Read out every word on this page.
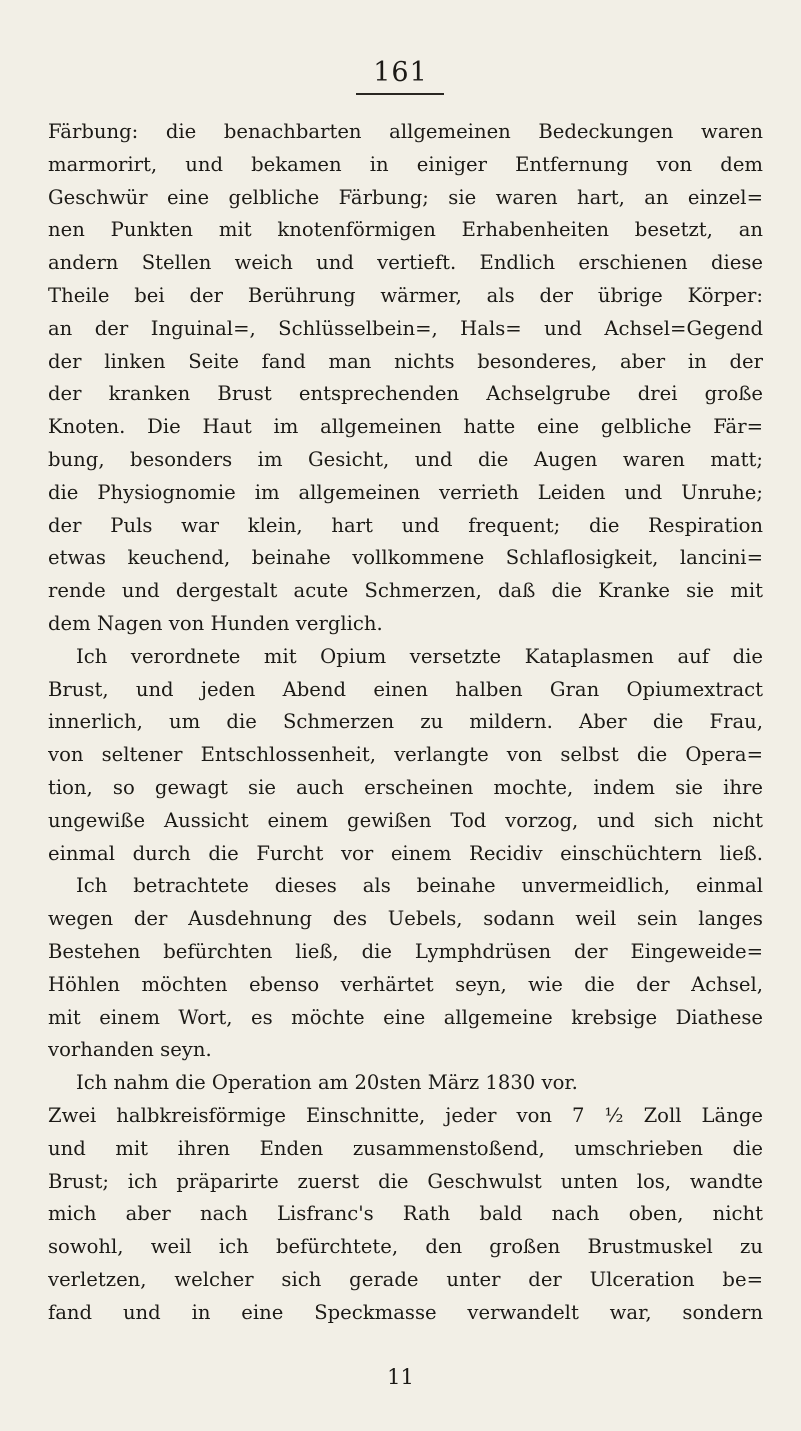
161
Färbung: die benachbarten allgemeinen Bedeckungen waren
marmorirt, und bekamen in einiger Entfernung von dem
Geschwür eine gelbliche Färbung; sie waren hart, an einzel=
nen Punkten mit knotenförmigen Erhabenheiten besetzt, an
andern Stellen weich und vertieft. Endlich erschienen diese
Theile bei der Berührung wärmer, als der übrige Körper:
an der Inguinal=, Schlüsselbein=, Hals= und Achsel=Gegend
der linken Seite fand man nichts besonderes, aber in der
der kranken Brust entsprechenden Achselgrube drei große
Knoten. Die Haut im allgemeinen hatte eine gelbliche Fär=
bung, besonders im Gesicht, und die Augen waren matt;
die Physiognomie im allgemeinen verrieth Leiden und Unruhe;
der Puls war klein, hart und frequent; die Respiration
etwas keuchend, beinahe vollkommene Schlaflosigkeit, lancini=
rende und dergestalt acute Schmerzen, daß die Kranke sie mit
dem Nagen von Hunden verglich.
Ich verordnete mit Opium versetzte Kataplasmen auf die
Brust, und jeden Abend einen halben Gran Opiumextract
innerlich, um die Schmerzen zu mildern. Aber die Frau,
von seltener Entschlossenheit, verlangte von selbst die Opera=
tion, so gewagt sie auch erscheinen mochte, indem sie ihre
ungewiße Aussicht einem gewißen Tod vorzog, und sich nicht
einmal durch die Furcht vor einem Recidiv einschüchtern ließ.
Ich betrachtete dieses als beinahe unvermeidlich, einmal
wegen der Ausdehnung des Uebels, sodann weil sein langes
Bestehen befürchten ließ, die Lymphdrüsen der Eingeweide=
Höhlen möchten ebenso verhärtet seyn, wie die der Achsel,
mit einem Wort, es möchte eine allgemeine krebsige Diathese
vorhanden seyn.
Ich nahm die Operation am 20sten März 1830 vor.
Zwei halbkreisförmige Einschnitte, jeder von 7 ½ Zoll Länge
und mit ihren Enden zusammenstoßend, umschrieben die
Brust; ich präparirte zuerst die Geschwulst unten los, wandte
mich aber nach Lisfranc's Rath bald nach oben, nicht
sowohl, weil ich befürchtete, den großen Brustmuskel zu
verletzen, welcher sich gerade unter der Ulceration be=
fand und in eine Speckmasse verwandelt war, sondern
11
